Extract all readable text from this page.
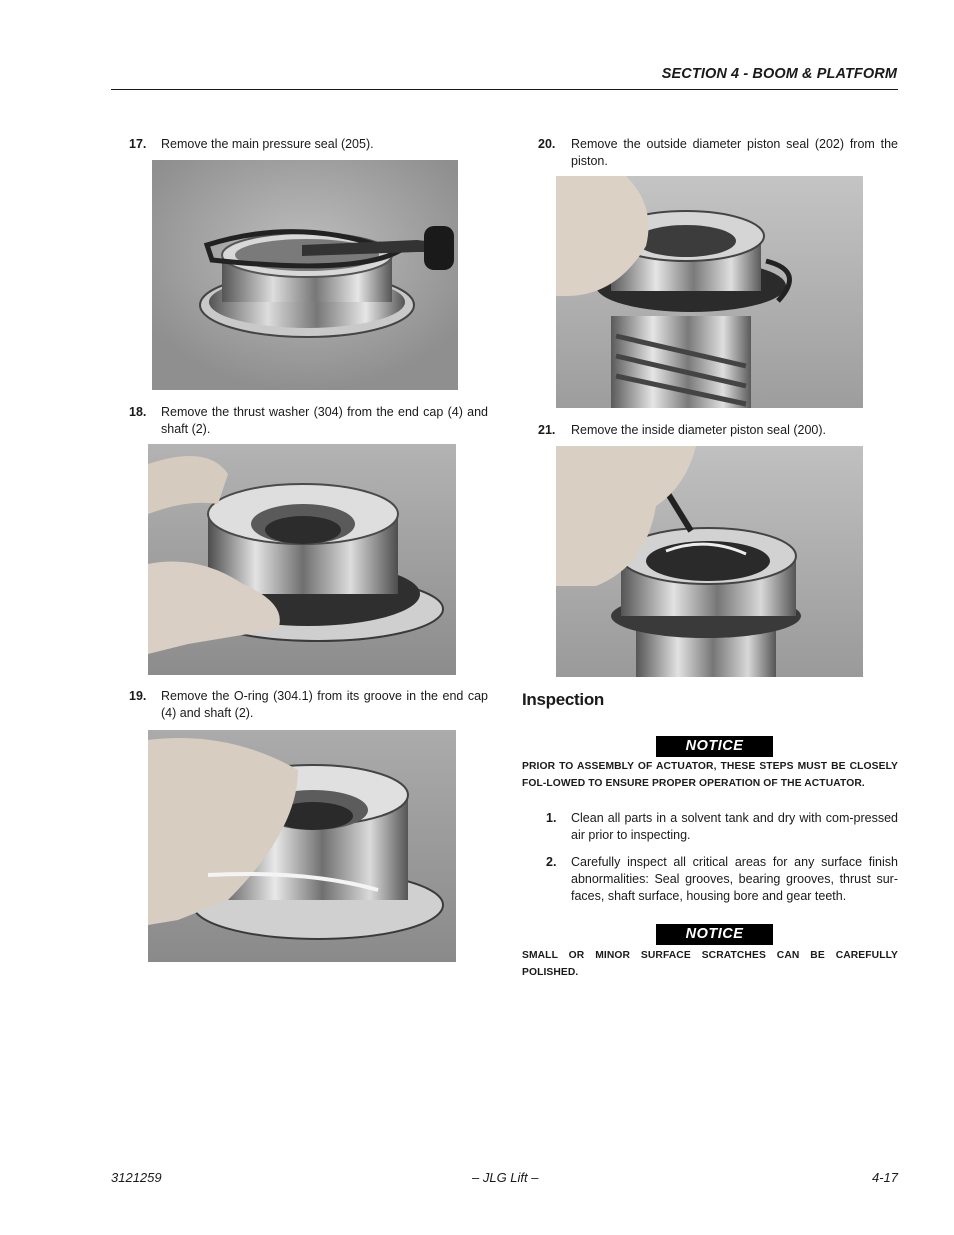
SECTION 4 - BOOM & PLATFORM
17. Remove the main pressure seal (205).
18. Remove the thrust washer (304) from the end cap (4) and shaft (2).
19. Remove the O-ring (304.1) from its groove in the end cap (4) and shaft (2).
20. Remove the outside diameter piston seal (202) from the piston.
21. Remove the inside diameter piston seal (200).
Inspection
NOTICE
PRIOR TO ASSEMBLY OF ACTUATOR, THESE STEPS MUST BE CLOSELY FOL-LOWED TO ENSURE PROPER OPERATION OF THE ACTUATOR.
1. Clean all parts in a solvent tank and dry with com-pressed air prior to inspecting.
2. Carefully inspect all critical areas for any surface finish abnormalities: Seal grooves, bearing grooves, thrust sur-faces, shaft surface, housing bore and gear teeth.
NOTICE
SMALL OR MINOR SURFACE SCRATCHES CAN BE CAREFULLY POLISHED.
3121259	– JLG Lift –	4-17
